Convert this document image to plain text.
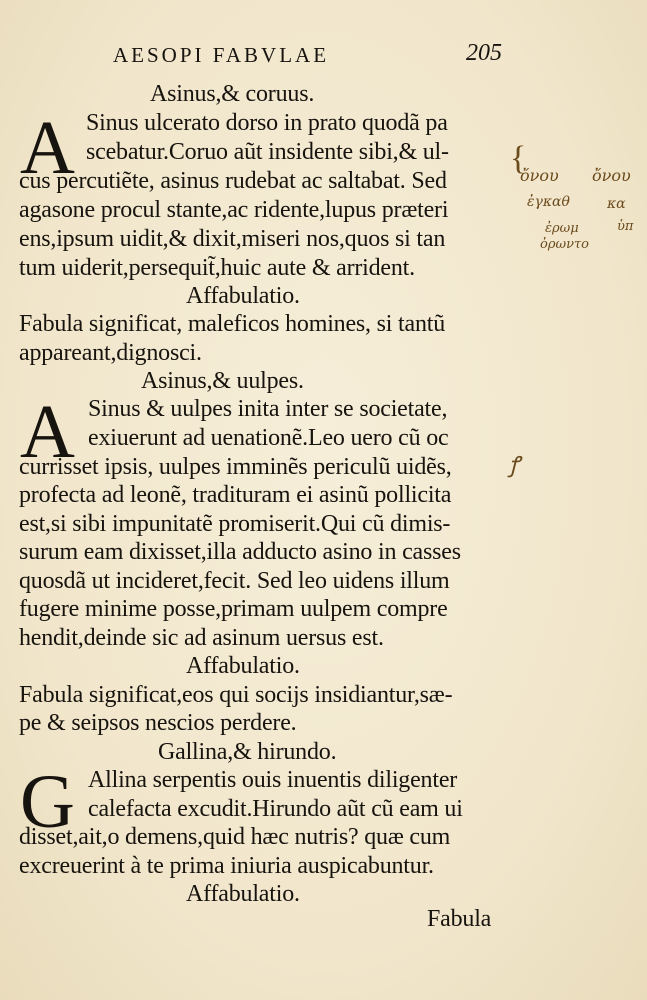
AESOPI FABVLAE	205
Asinus,& coruus.
A Sinus ulcerato dorso in prato quodã pa
scebatur.Coruo aũt insidente sibi,& ul-
cus percutiẽte, asinus rudebat ac saltabat. Sed
agasone procul stante,ac ridente,lupus præteri
ens,ipsum uidit,& dixit,miseri nos,quos si tan
tum uiderit,persequit̃,huic aute & arrident.
Affabulatio.
Fabula significat, maleficos homines, si tantũ
appareant,dignosci.
Asinus,& uulpes.
A Sinus & uulpes inita inter se societate,
exiuerunt ad uenationẽ.Leo uero cũ oc
currisset ipsis, uulpes imminẽs periculũ uidẽs,
profecta ad leonẽ, tradituram ei asinũ pollicita
est,si sibi impunitatẽ promiserit.Qui cũ dimis-
surum eam dixisset,illa adducto asino in casses
quosdã ut incideret,fecit. Sed leo uidens illum
fugere minime posse,primam uulpem compre
hendit,deinde sic ad asinum uersus est.
Affabulatio.
Fabula significat,eos qui socijs insidiantur,sæ-
pe & seipsos nescios perdere.
Gallina,& hirundo.
G Allina serpentis ouis inuentis diligenter
calefacta excudit.Hirundo aũt cũ eam ui
disset,ait,o demens,quid hæc nutris? quæ cum
excreuerint à te prima iniuria auspicabuntur.
Affabulatio.
Fabula
{
ὄνου ὄνου
ἐγκαθ	κα
ἐρωμ
ὀρωντο
ὑπ
ꝭ
